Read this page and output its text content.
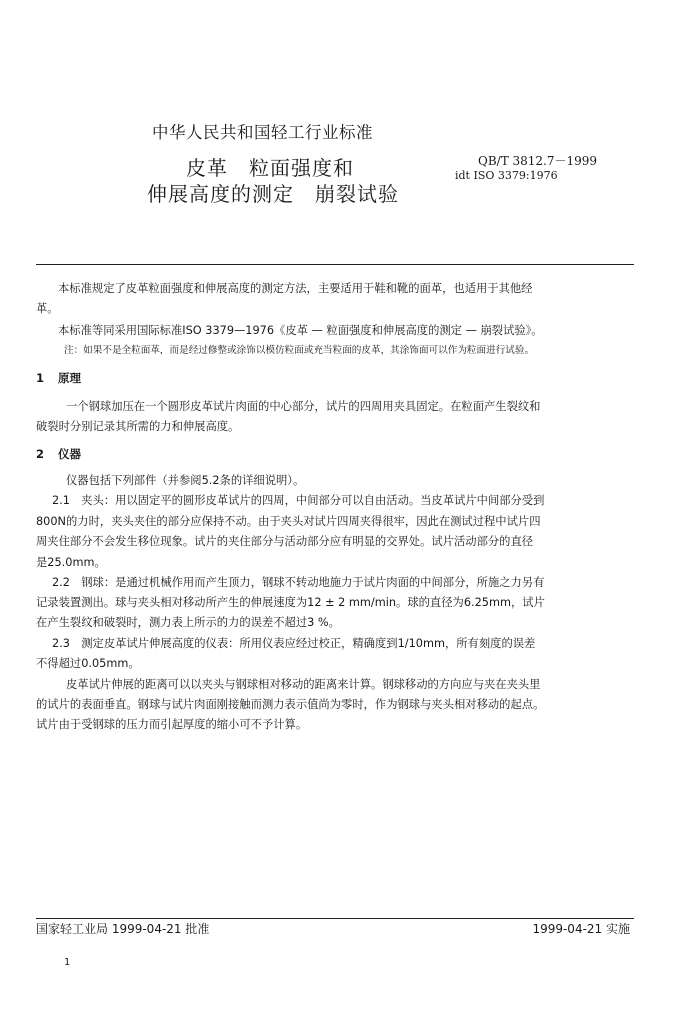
中华人民共和国轻工行业标准
皮革　粒面强度和
伸展高度的测定　崩裂试验
QB/T 3812.7－1999
idt ISO 3379:1976
本标准规定了皮革粒面强度和伸展高度的测定方法，主要适用于鞋和靴的面革，也适用于其他经
革。
本标准等同采用国际标准ISO 3379—1976《皮革 — 粒面强度和伸展高度的测定 — 崩裂试验》。
注：如果不是全粒面革，而是经过修整或涂饰以模仿粒面或充当粒面的皮革，其涂饰面可以作为粒面进行试验。
1 原理
一个钢球加压在一个圆形皮革试片肉面的中心部分，试片的四周用夹具固定。在粒面产生裂纹和
破裂时分别记录其所需的力和伸展高度。
2 仪器
仪器包括下列部件（并参阅5.2条的详细说明）。
2.1　夹头：用以固定平的圆形皮革试片的四周，中间部分可以自由活动。当皮革试片中间部分受到
800N的力时，夹头夹住的部分应保持不动。由于夹头对试片四周夹得很牢，因此在测试过程中试片四
周夹住部分不会发生移位现象。试片的夹住部分与活动部分应有明显的交界处。试片活动部分的直径
是25.0mm。
2.2　钢球：是通过机械作用而产生顶力，钢球不转动地施力于试片肉面的中间部分，所施之力另有
记录装置测出。球与夹头相对移动所产生的伸展速度为12 ± 2 mm/min。球的直径为6.25mm，试片
在产生裂纹和破裂时，测力表上所示的力的误差不超过3 %。
2.3　测定皮革试片伸展高度的仪表：所用仪表应经过校正，精确度到1/10mm，所有刻度的误差
不得超过0.05mm。
皮革试片伸展的距离可以以夹头与钢球相对移动的距离来计算。钢球移动的方向应与夹在夹头里
的试片的表面垂直。钢球与试片肉面刚接触而测力表示值尚为零时，作为钢球与夹头相对移动的起点。
试片由于受钢球的压力而引起厚度的缩小可不予计算。
国家轻工业局 1999-04-21 批准	1999-04-21 实施
1
